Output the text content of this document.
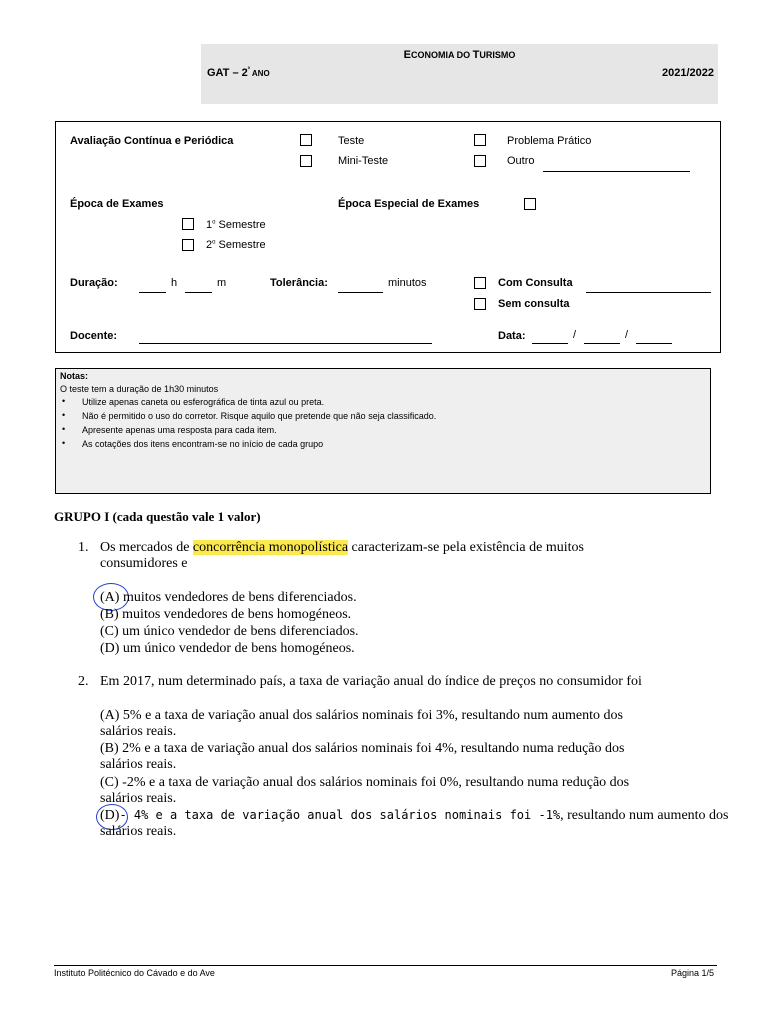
ECONOMIA DO TURISMO
GAT – $2^º$ ANO	2021/2022
Avaliação Contínua e Periódica	Teste	Problema Prático
Mini-Teste	Outro
Época de Exames	Época Especial de Exames
1$^o$ Semestre
2$^o$ Semestre
Duração:	h	m	Tolerância:	minutos	Com Consulta
Sem consulta
Docente:	Data:	/	/
Notas:
O teste tem a duração de 1h30 minutos
• Utilize apenas caneta ou esferográfica de tinta azul ou preta.
• Não é permitido o uso do corretor. Risque aquilo que pretende que não seja classificado.
• Apresente apenas uma resposta para cada item.
• As cotações dos itens encontram-se no início de cada grupo
GRUPO I (cada questão vale 1 valor)
1. Os mercados de concorrência monopolística caracterizam-se pela existência de muitos
consumidores e
(A) muitos vendedores de bens diferenciados.
(B) muitos vendedores de bens homogéneos.
(C) um único vendedor de bens diferenciados.
(D) um único vendedor de bens homogéneos.
2. Em 2017, num determinado país, a taxa de variação anual do índice de preços no consumidor foi
(A) 5% e a taxa de variação anual dos salários nominais foi 3%, resultando num aumento dos
salários reais.
(B) 2% e a taxa de variação anual dos salários nominais foi 4%, resultando numa redução dos
salários reais.
(C) -2% e a taxa de variação anual dos salários nominais foi 0%, resultando numa redução dos
salários reais.
(D)- 4% e a taxa de variação anual dos salários nominais foi -1%, resultando num aumento dos
salários reais.
Instituto Politécnico do Cávado e do Ave	Página 1/5
